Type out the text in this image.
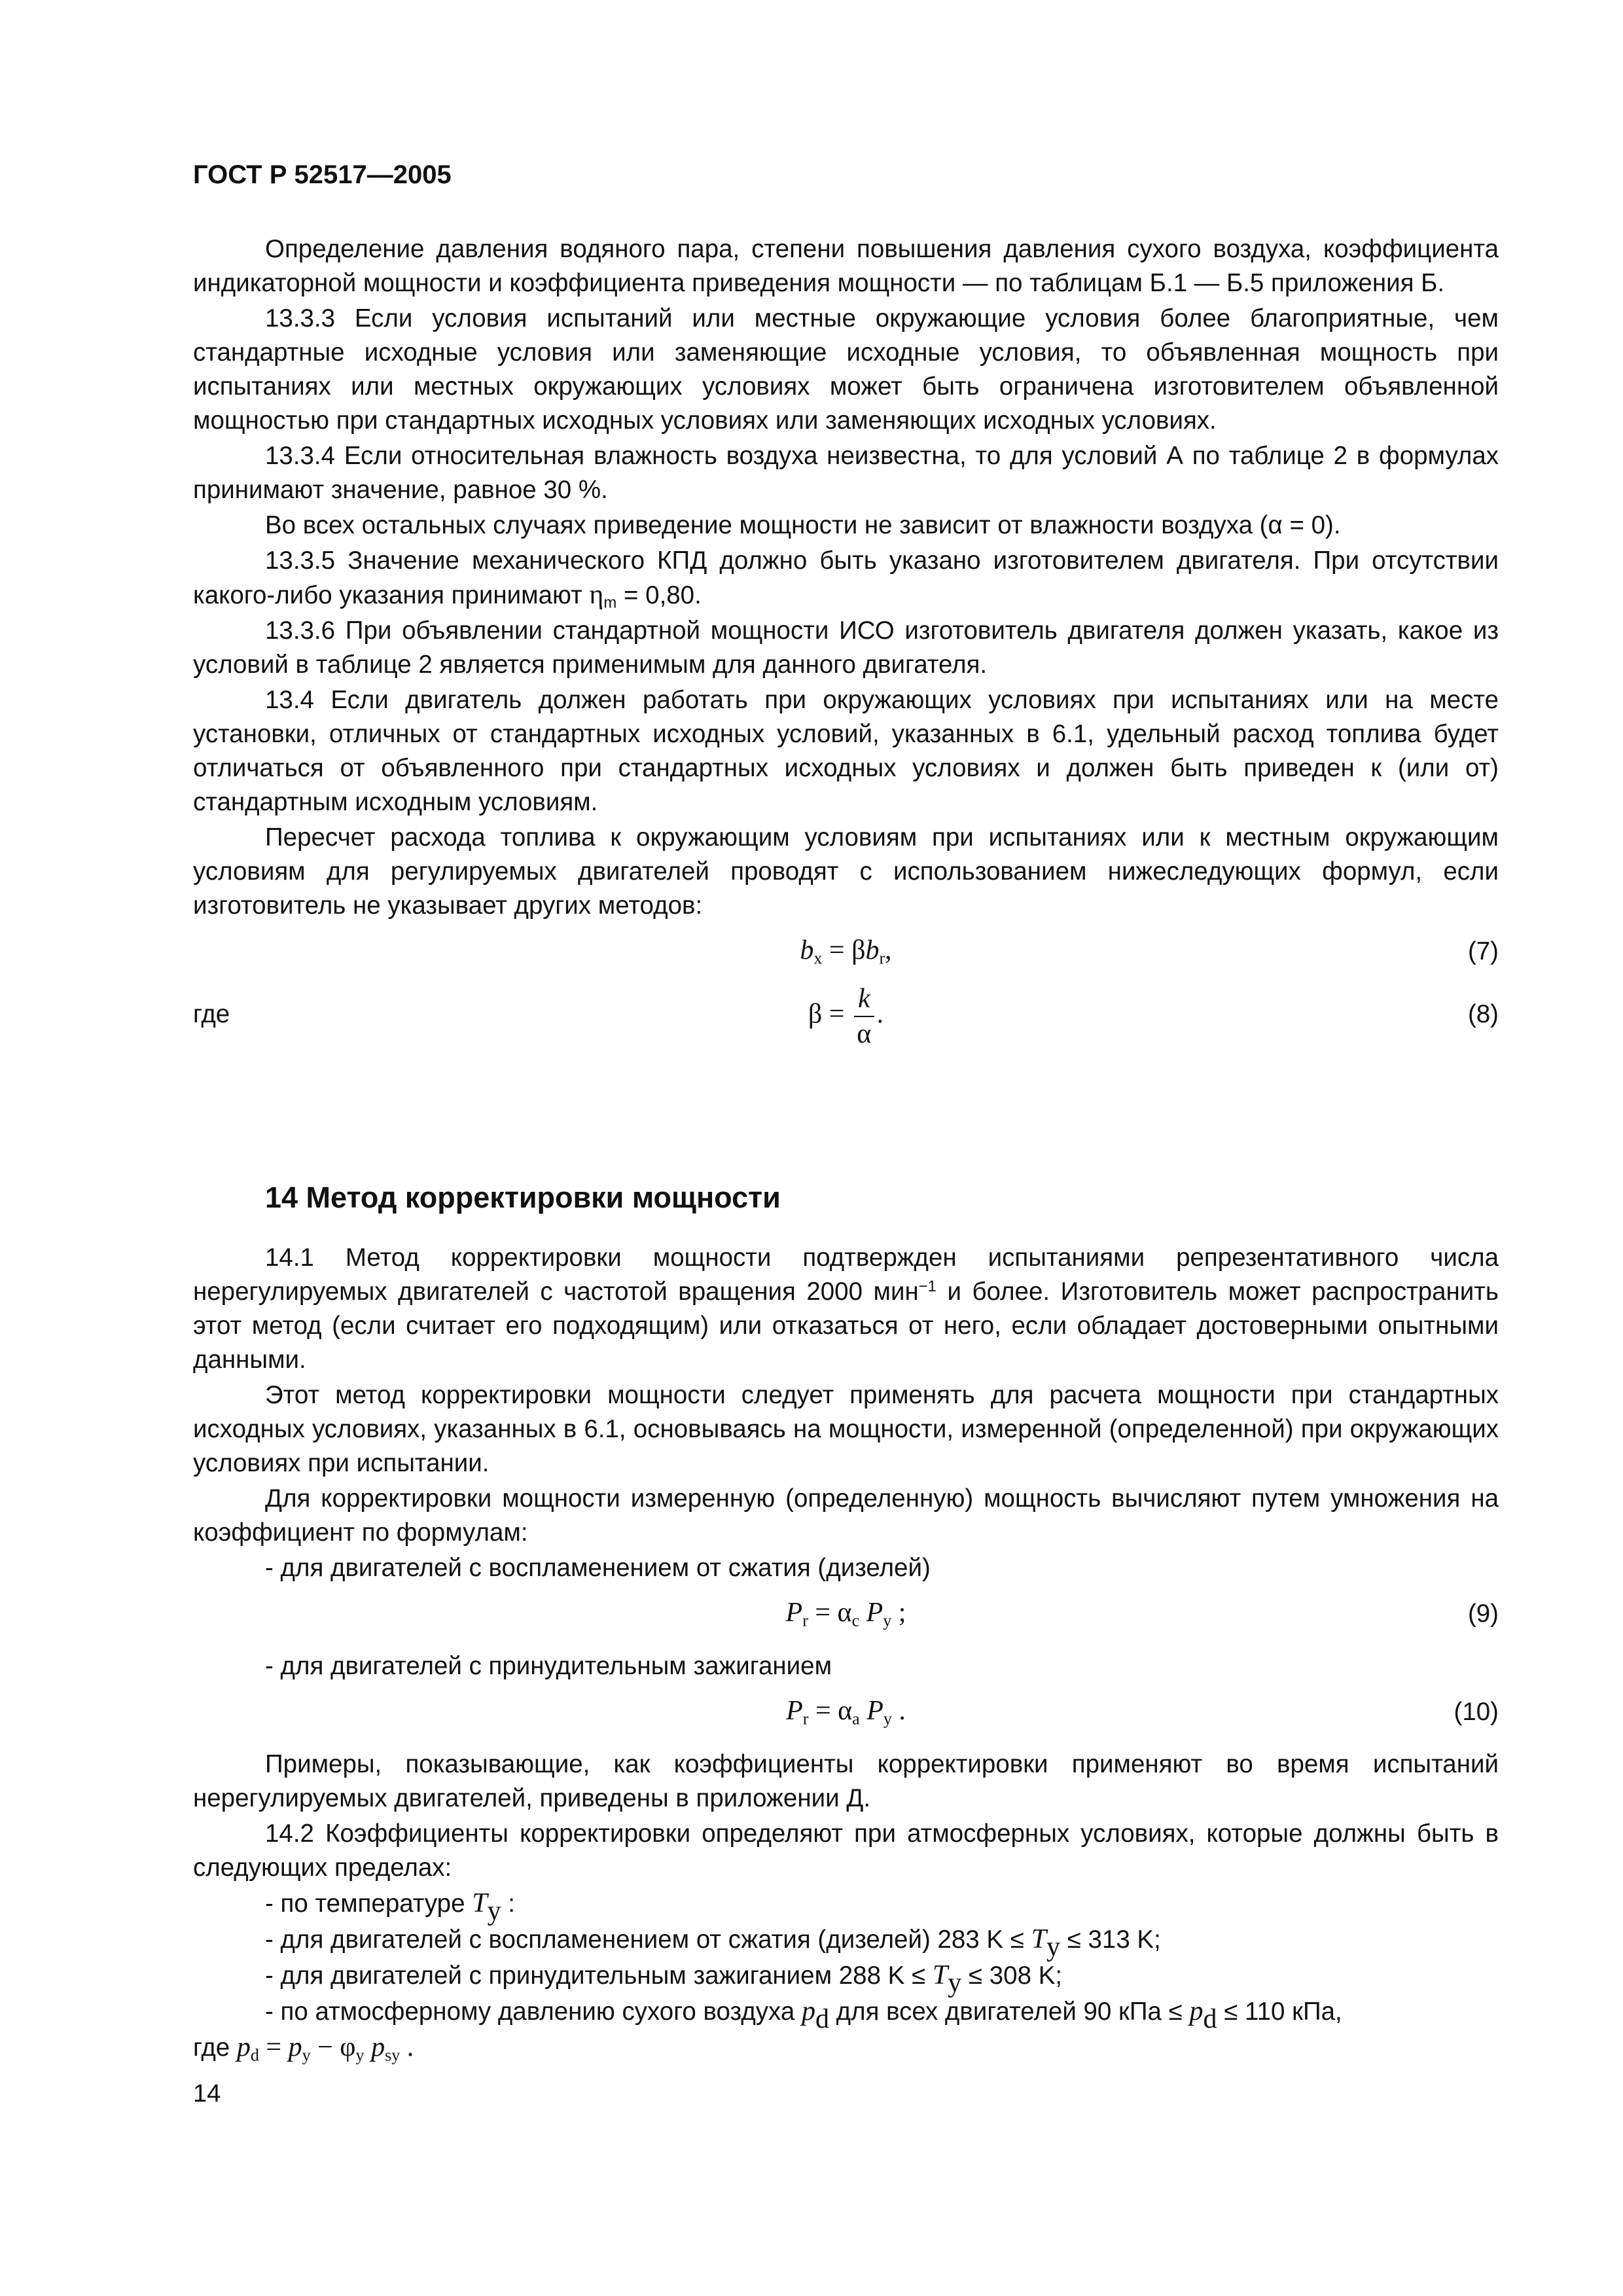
ГОСТ Р 52517—2005

Определение давления водяного пара, степени повышения давления сухого воздуха, коэффициента индикаторной мощности и коэффициента приведения мощности — по таблицам Б.1 — Б.5 приложения Б.

13.3.3 Если условия испытаний или местные окружающие условия более благоприятные, чем стандартные исходные условия или заменяющие исходные условия, то объявленная мощность при испытаниях или местных окружающих условиях может быть ограничена изготовителем объявленной мощностью при стандартных исходных условиях или заменяющих исходных условиях.

13.3.4 Если относительная влажность воздуха неизвестна, то для условий А по таблице 2 в формулах принимают значение, равное 30 %.

Во всех остальных случаях приведение мощности не зависит от влажности воздуха (α = 0).

13.3.5 Значение механического КПД должно быть указано изготовителем двигателя. При отсутствии какого-либо указания принимают $\eta_m = 0,80$.

13.3.6 При объявлении стандартной мощности ИСО изготовитель двигателя должен указать, какое из условий в таблице 2 является применимым для данного двигателя.

13.4 Если двигатель должен работать при окружающих условиях при испытаниях или на месте установки, отличных от стандартных исходных условий, указанных в 6.1, удельный расход топлива будет отличаться от объявленного при стандартных исходных условиях и должен быть приведен к (или от) стандартным исходным условиям.

Пересчет расхода топлива к окружающим условиям при испытаниях или к местным окружающим условиям для регулируемых двигателей проводят с использованием нижеследующих формул, если изготовитель не указывает других методов:

$b_x = \beta b_r$,	(7)
где	$\beta = \frac{k}{\alpha}$ .	(8)
14 Метод корректировки мощности

14.1 Метод корректировки мощности подтвержден испытаниями репрезентативного числа нерегулируемых двигателей с частотой вращения 2000 мин$^{-1}$ и более. Изготовитель может распространить этот метод (если считает его подходящим) или отказаться от него, если обладает достоверными опытными данными.

Этот метод корректировки мощности следует применять для расчета мощности при стандартных исходных условиях, указанных в 6.1, основываясь на мощности, измеренной (определенной) при окружающих условиях при испытании.

Для корректировки мощности измеренную (определенную) мощность вычисляют путем умножения на коэффициент по формулам:

- для двигателей с воспламенением от сжатия (дизелей)

$P_r = \alpha_c$ $P_y$ ;	(9)

- для двигателей с принудительным зажиганием

$P_r = \alpha_a$ $P_y$ .	(10)

Примеры, показывающие, как коэффициенты корректировки применяют во время испытаний нерегулируемых двигателей, приведены в приложении Д.

14.2 Коэффициенты корректировки определяют при атмосферных условиях, которые должны быть в следующих пределах:

- по температуре $T_y$ :

- для двигателей с воспламенением от сжатия (дизелей) 283 $K \le T_y \le 313$ K;

- для двигателей с принудительным зажиганием 288 $K \le T_y \le 308$ K;

- по атмосферному давлению сухого воздуха $p_d$ для всех двигателей 90 кПа ≤ $p_d \le 110$ кПа,

где $p_d = p_y - \varphi_y$ $p_{sy}$ .

14
